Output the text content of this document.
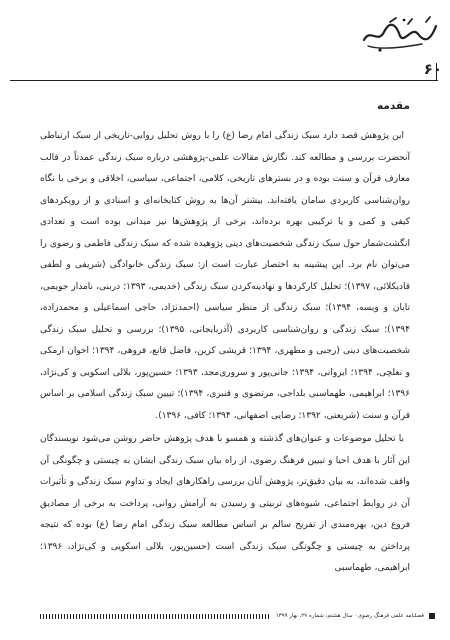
۶۰
مقدمه

این پژوهش قصد دارد سبک زندگی امام رضا (ع) را با روش تحلیل روایی-تاریخی از سبک ارتباطی آنحضرت بررسی و مطالعه کند. نگارش مقالات علمی-پژوهشی درباره سبک زندگی عمدتاً در قالب معارف قرآن و سنت بوده و در بسترهای تاریخی، کلامی، اجتماعی، سیاسی، اخلاقی و برخی با نگاه روان‌شناسی کاربردی سامان یافته‌اند. بیشتر آن‌ها به روش کتابخانه‌ای و اسنادی و از رویکردهای کیفی و کمی و یا ترکیبی بهره برده‌اند، برخی از پژوهش‌ها نیز میدانی بوده است و تعدادی انگشت‌شمار حول سبک زندگی شخصیت‌های دینی پژوهیده شده که سبک زندگی فاطمی و رضوی را می‌توان نام برد. این پیشینه به اختصار عبارت است از: سبک زندگی خانوادگی (شریفی و لطفی قادیکلائی، ۱۳۹۷)؛ تحلیل کارکردها و نهادینه‌کردن سبک زندگی (خدیمی، ۱۳۹۳؛ دربنی، نامدار جویمی، تابان و ویسه، ۱۳۹۴)؛ سبک زندگی از منظر سیاسی (احمدنژاد، حاجی اسماعیلی و محمدزاده، ۱۳۹۴)؛ سبک زندگی و روان‌شناسی کاربردی (آذربایجانی، ۱۳۹۵)؛ بررسی و تحلیل سبک زندگی شخصیت‌های دینی (رجبی و مطهری، ۱۳۹۴؛ قریشی کرین، فاضل قانع، فروهی، ۱۳۹۴؛ اخوان ارمکی و نعلچی، ۱۳۹۴؛ ایروانی، ۱۳۹۴؛ جانی‌پور و سروری‌مجد، ۱۳۹۳؛ حسین‌پور، بلالی اسکویی و کی‌نژاد، ۱۳۹۶؛ ابراهیمی، طهماسبی بلداجی، مرتضوی و قنبری، ۱۳۹۴)؛ تبیین سبک زندگی اسلامی بر اساس قرآن و سنت (شریعتی، ۱۳۹۲؛ رضایی اصفهانی، ۱۳۹۴؛ کافی، ۱۳۹۶).

با تحلیل موضوعات و عنوان‌های گذشته و همسو با هدف پژوهش حاضر روشن می‌شود نویسندگان این آثار با هدف احیا و تبیین فرهنگ رضوی، از راه بیان سبک زندگی ایشان به چیستی و چگونگی آن واقف شده‌اند، به بیان دقیق‌تر، پژوهش آنان بررسی راهکارهای ایجاد و تداوم سبک زندگی و تأثیرات آن در روابط اجتماعی، شیوه‌های تربیتی و رسیدن به آرامش روانی، پرداخت به برخی از مصادیق فروع دین، بهره‌مندی از تفریح سالم بر اساس مطالعه سبک زندگی امام رضا (ع) بوده که نتیجه پرداختن به چیستی و چگونگی سبک زندگی است (حسین‌پور، بلالی اسکویی و کی‌نژاد، ۱۳۹۶؛ ابراهیمی، طهماسبی

فصلنامه علمی فرهنگ رضوی · سال هشتم، شماره ۲۹، بهار ۱۳۹۹
